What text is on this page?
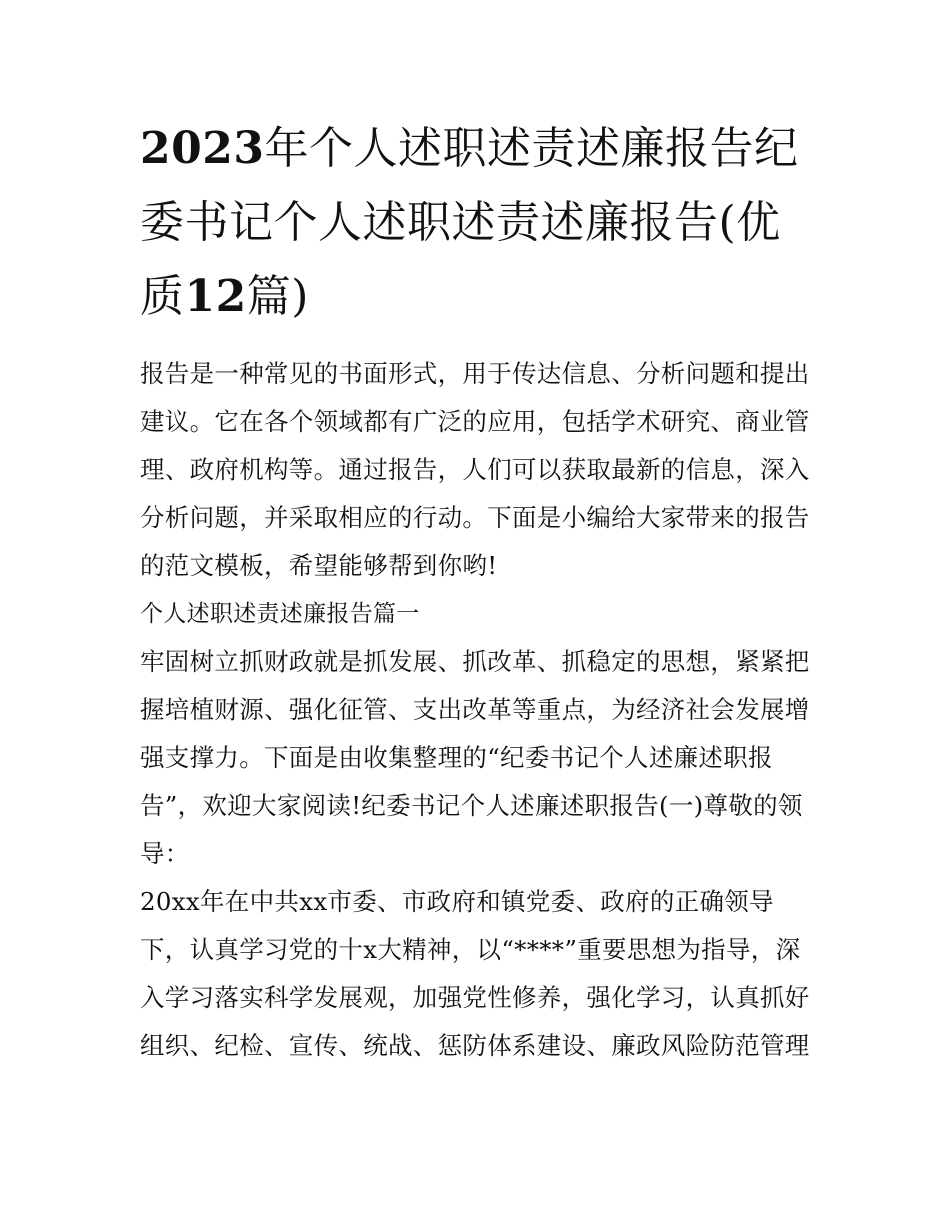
2023年个人述职述责述廉报告纪委书记个人述职述责述廉报告(优质12篇)

报告是一种常见的书面形式，用于传达信息、分析问题和提出建议。它在各个领域都有广泛的应用，包括学术研究、商业管理、政府机构等。通过报告，人们可以获取最新的信息，深入分析问题，并采取相应的行动。下面是小编给大家带来的报告的范文模板，希望能够帮到你哟!

个人述职述责述廉报告篇一

牢固树立抓财政就是抓发展、抓改革、抓稳定的思想，紧紧把握培植财源、强化征管、支出改革等重点，为经济社会发展增强支撑力。下面是由收集整理的“纪委书记个人述廉述职报告”，欢迎大家阅读!纪委书记个人述廉述职报告(一)尊敬的领导：

20xx年在中共xx市委、市政府和镇党委、政府的正确领导下，认真学习党的十x大精神，以“****”重要思想为指导，深入学习落实科学发展观，加强党性修养，强化学习，认真抓好组织、纪检、宣传、统战、惩防体系建设、廉政风险防范管理
